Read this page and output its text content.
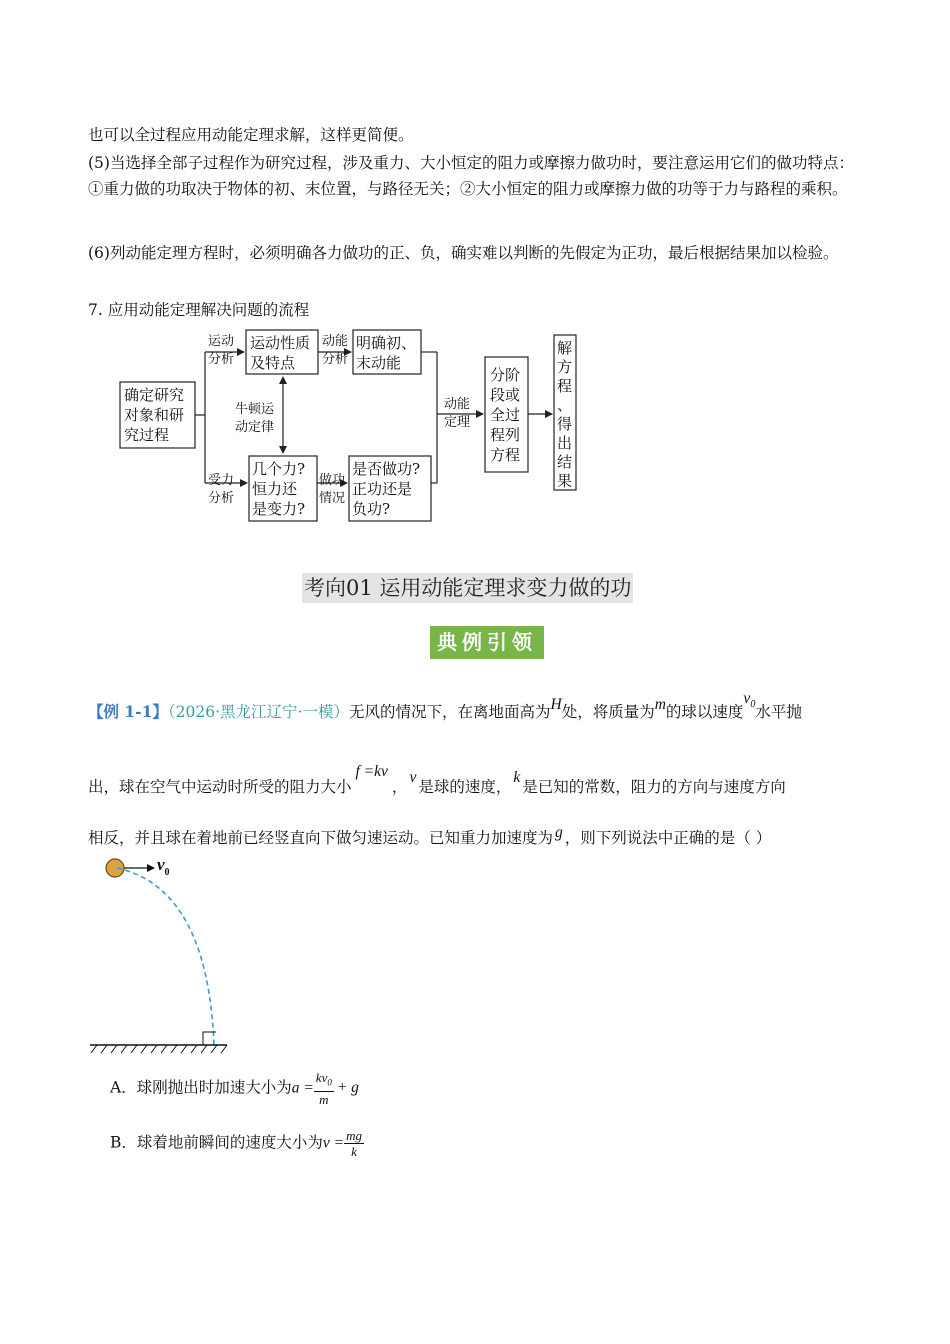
也可以全过程应用动能定理求解，这样更简便。

(5)当选择全部子过程作为研究过程，涉及重力、大小恒定的阻力或摩擦力做功时，要注意运用它们的做功特点：①重力做的功取决于物体的初、末位置，与路径无关；②大小恒定的阻力或摩擦力做的功等于力与路程的乘积。

(6)列动能定理方程时，必须明确各力做功的正、负，确实难以判断的先假定为正功，最后根据结果加以检验。

7. 应用动能定理解决问题的流程

确定研究
对象和研
究过程
运动性质
及特点
明确初、
末动能
几个力?
恒力还
是变力?
是否做功?
正功还是
负功?
分阶
段或
全过
程列
方程
解
方
程
、
得
出
结
果
运动
分析
动能
分析
牛顿运
动定律
受力
分析
做功
情况
动能
定理
考向01 运用动能定理求变力做的功
典例引领
【例 1-1】（2026·黑龙江辽宁·一模）无风的情况下，在离地面高为H处，将质量为m的球以速度$v_0$水平抛
出，球在空气中运动时所受的阻力大小f =kv，v是球的速度，k是已知的常数，阻力的方向与速度方向
相反，并且球在着地前已经竖直向下做匀速运动。已知重力加速度为 g ，则下列说法中正确的是（ ）
$v_0$
A．球刚抛出时加速大小为$a = \frac{kv_0}{m} + g$
B．球着地前瞬间的速度大小为$v = \frac{mg}{k}$
